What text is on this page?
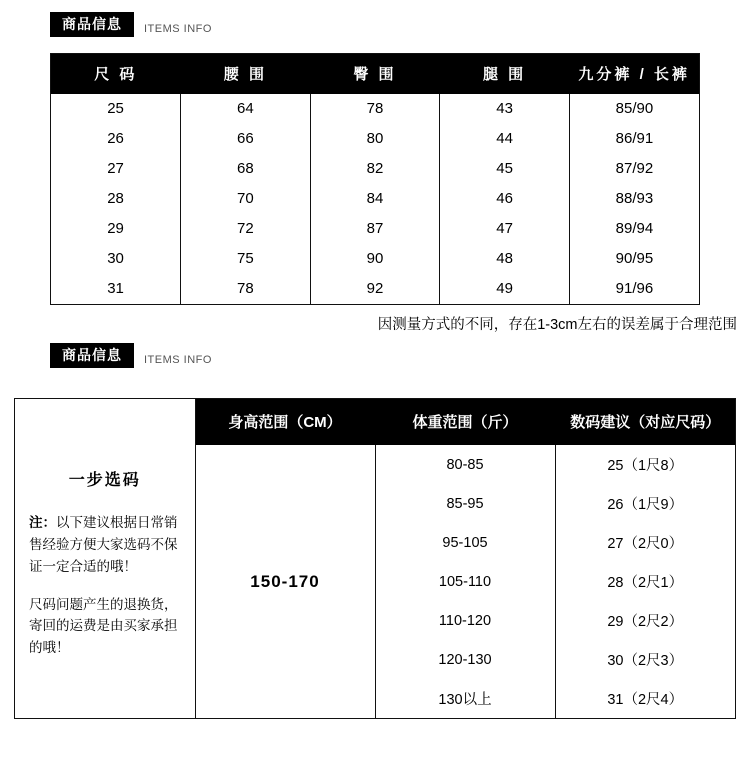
商品信息	ITEMS INFO
尺 码	腰 围	臀 围	腿 围	九分裤 / 长裤
25	64	78	43	85/90
26	66	80	44	86/91
27	68	82	45	87/92
28	70	84	46	88/93
29	72	87	47	89/94
30	75	90	48	90/95
31	78	92	49	91/96
因测量方式的不同，存在1-3cm左右的误差属于合理范围
商品信息	ITEMS INFO
	身高范围（CM）	体重范围（斤）	数码建议（对应尺码）

一步选码

注：以下建议根据日常销售经验方便大家选码不保证一定合适的哦！

尺码问题产生的退换货，寄回的运费是由买家承担的哦！	150-170	80-85	25（1尺8）
		85-95	26（1尺9）
		95-105	27（2尺0）
		105-110	28（2尺1）
		110-120	29（2尺2）
		120-130	30（2尺3）
		130以上	31（2尺4）
